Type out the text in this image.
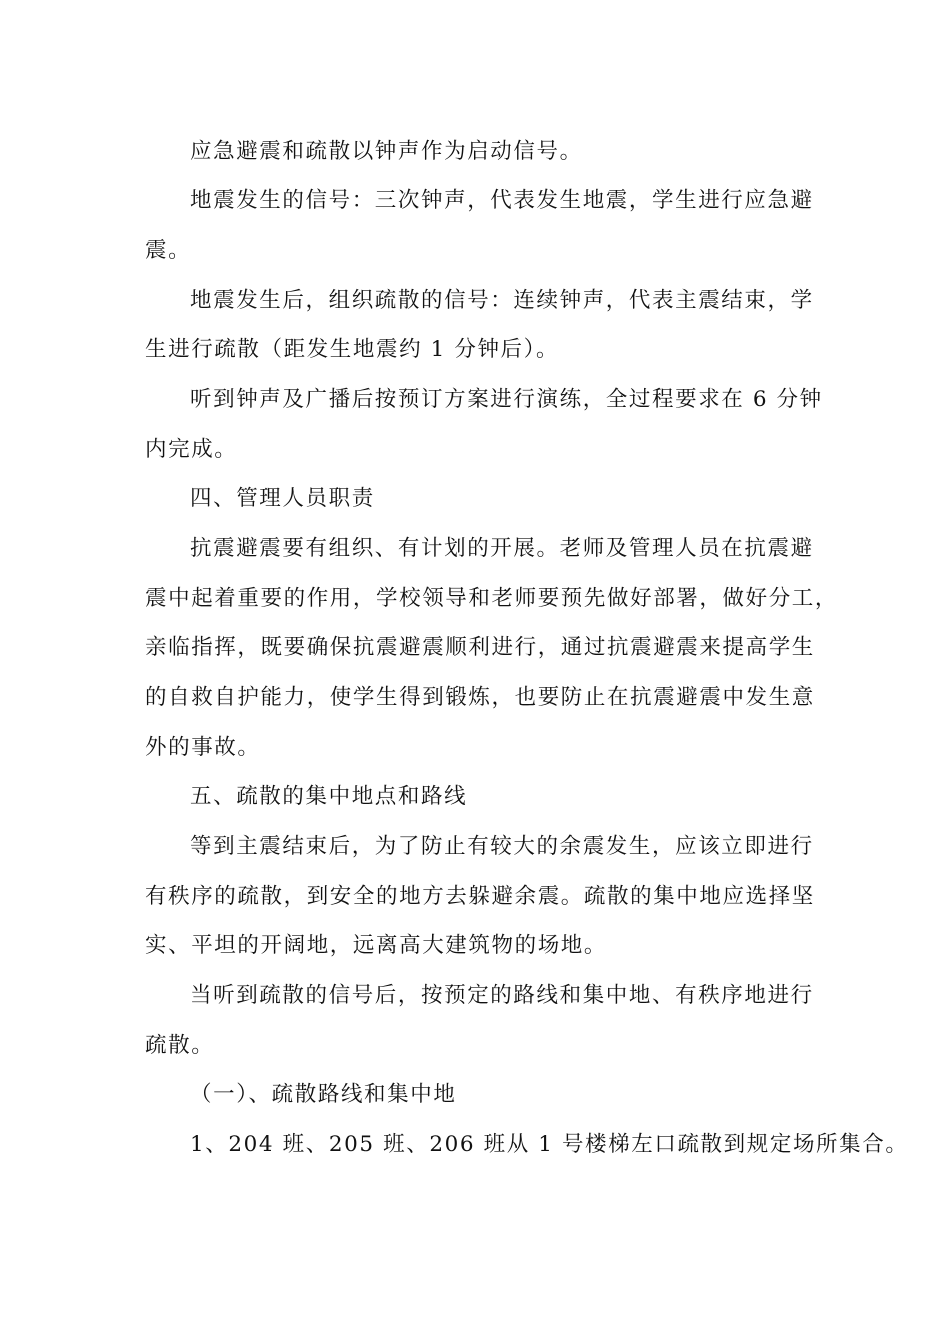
应急避震和疏散以钟声作为启动信号。

地震发生的信号：三次钟声，代表发生地震，学生进行应急避

震。

地震发生后，组织疏散的信号：连续钟声，代表主震结束，学

生进行疏散（距发生地震约 1 分钟后）。

听到钟声及广播后按预订方案进行演练，全过程要求在 6 分钟

内完成。

四、管理人员职责

抗震避震要有组织、有计划的开展。老师及管理人员在抗震避

震中起着重要的作用，学校领导和老师要预先做好部署，做好分工，

亲临指挥，既要确保抗震避震顺利进行，通过抗震避震来提高学生

的自救自护能力，使学生得到锻炼，也要防止在抗震避震中发生意

外的事故。

五、疏散的集中地点和路线

等到主震结束后，为了防止有较大的余震发生，应该立即进行

有秩序的疏散，到安全的地方去躲避余震。疏散的集中地应选择坚

实、平坦的开阔地，远离高大建筑物的场地。

当听到疏散的信号后，按预定的路线和集中地、有秩序地进行

疏散。

（一）、疏散路线和集中地

1、204 班、205 班、206 班从 1 号楼梯左口疏散到规定场所集合。
